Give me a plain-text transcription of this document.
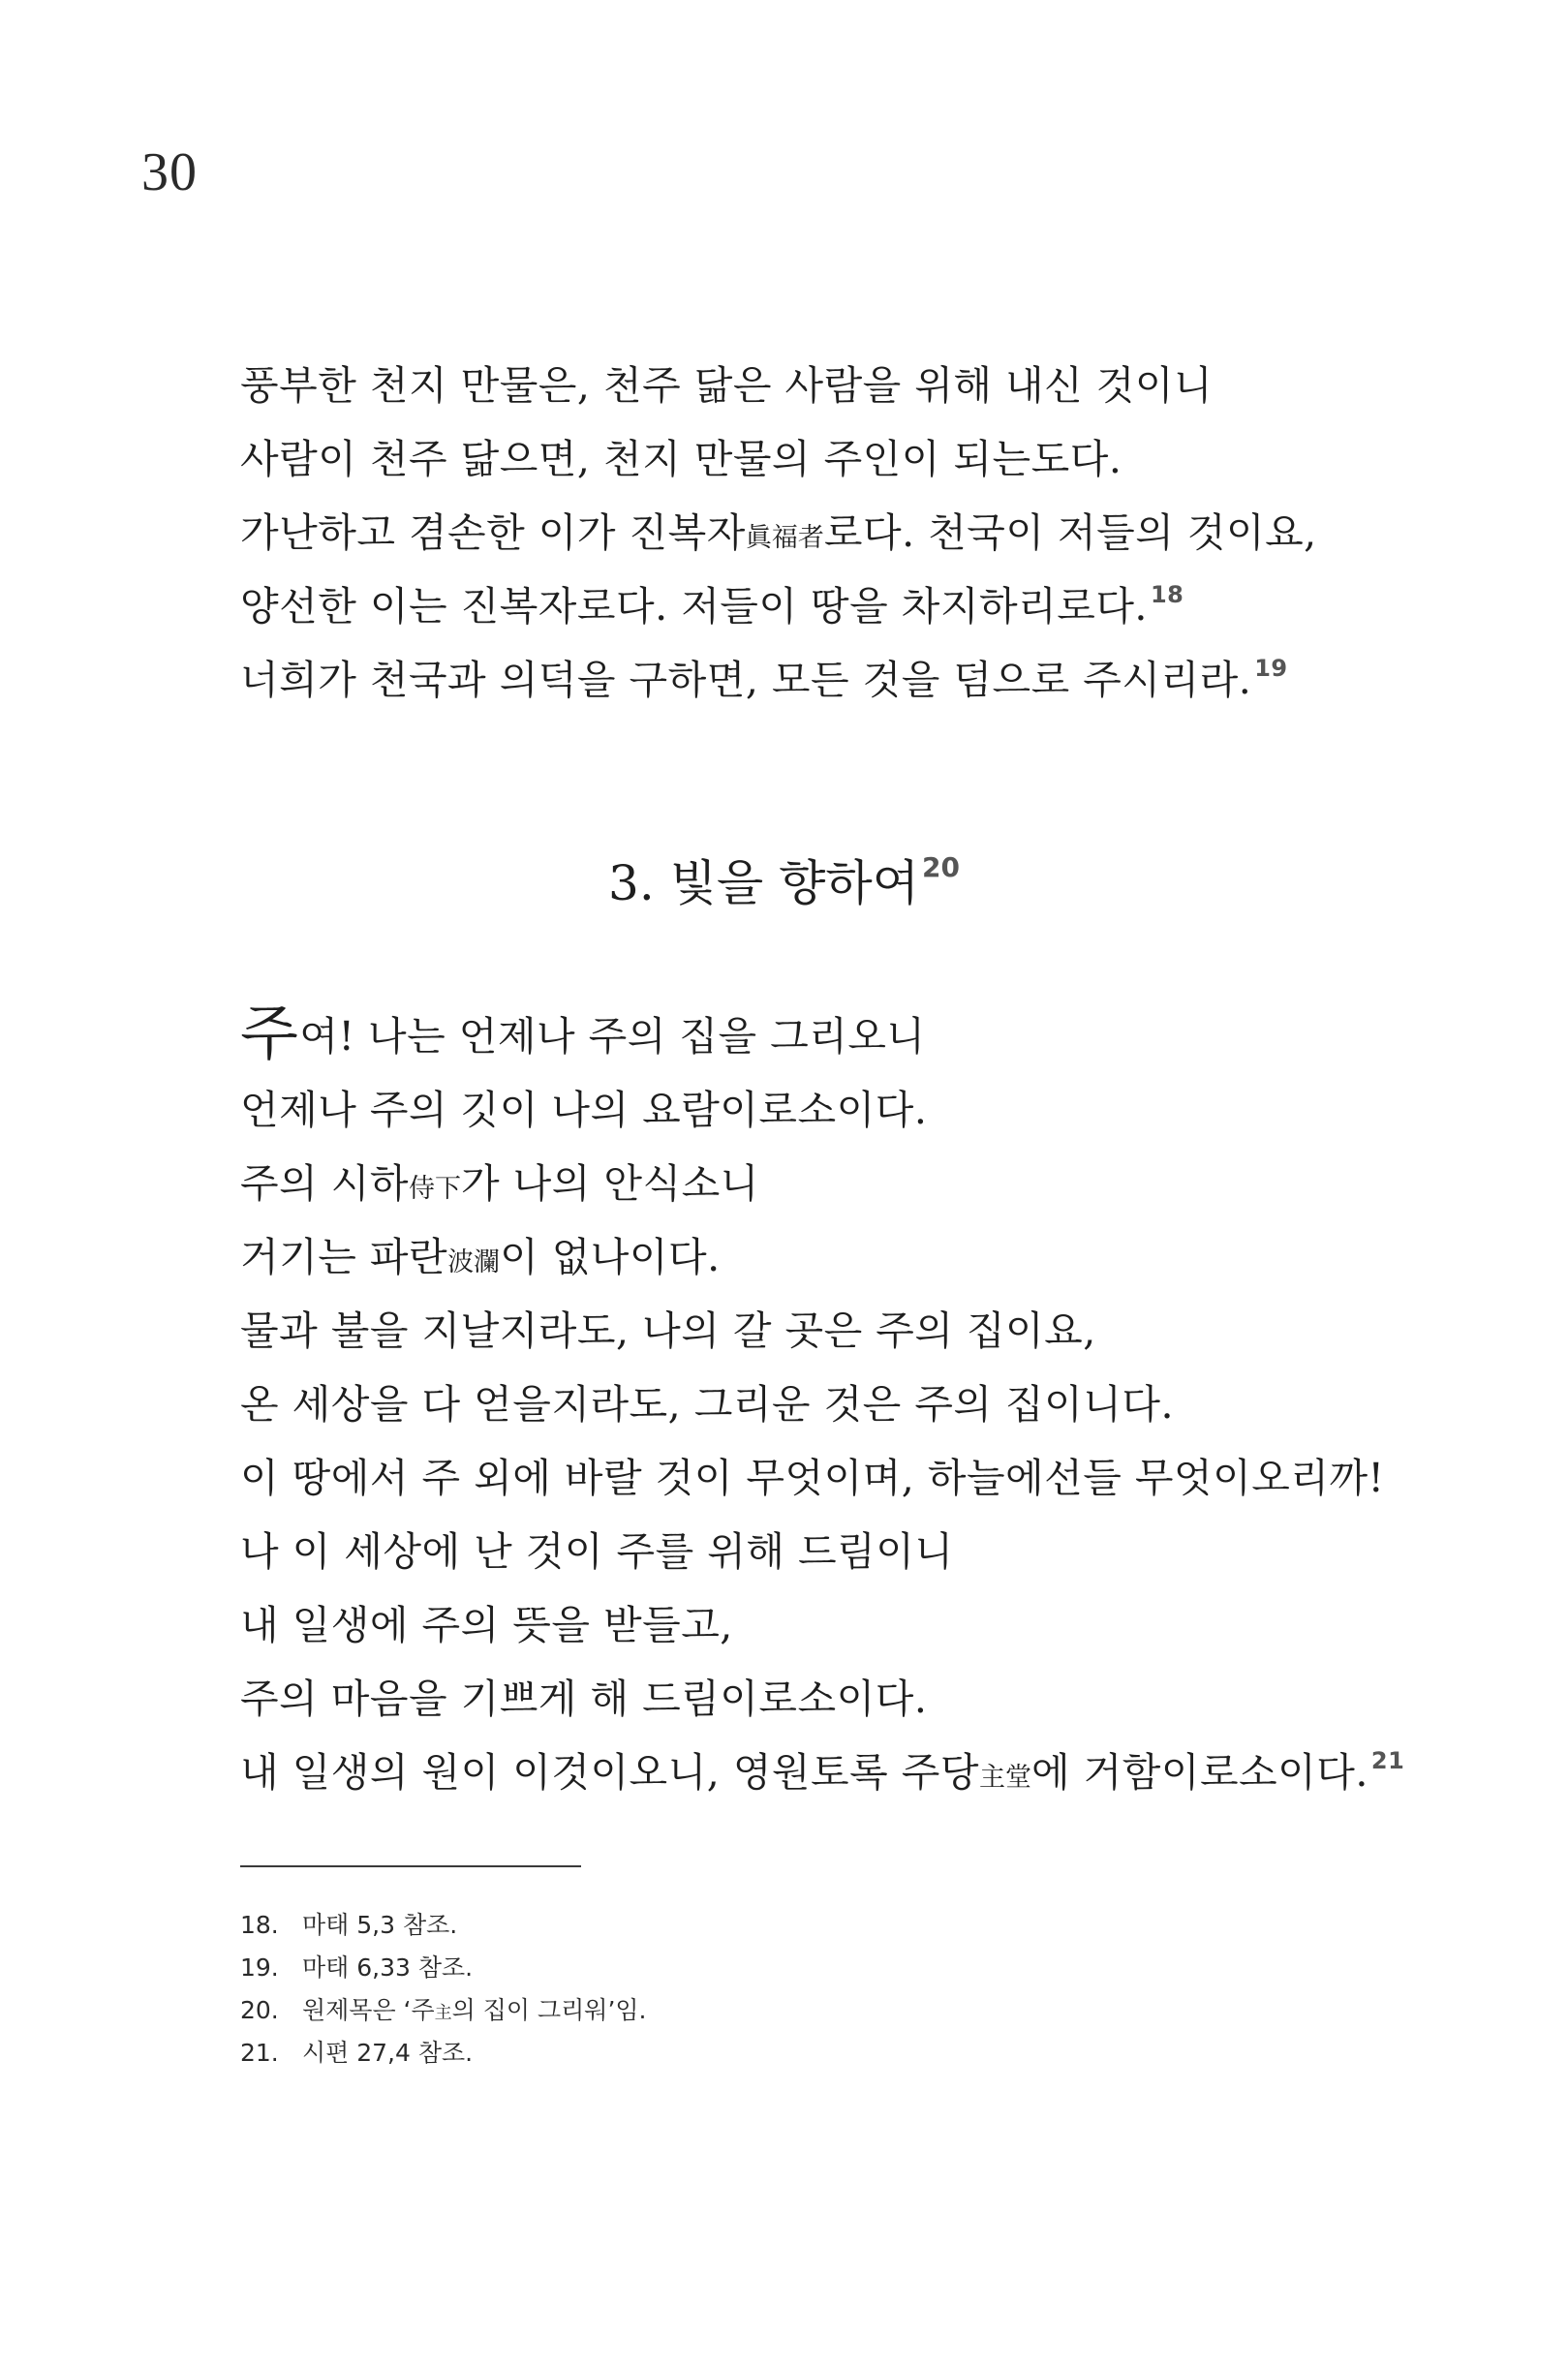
30
풍부한 천지 만물은, 천주 닮은 사람을 위해 내신 것이니
사람이 천주 닮으면, 천지 만물의 주인이 되는도다.
가난하고 겸손한 이가 진복자眞福者로다. 천국이 저들의 것이요,
양선한 이는 진복자로다. 저들이 땅을 차지하리로다. $^{18}$
너희가 천국과 의덕을 구하면, 모든 것을 덤으로 주시리라. $^{19}$
3. 빛을 향하여 $^{20}$
주여! 나는 언제나 주의 집을 그리오니
언제나 주의 깃이 나의 요람이로소이다.
주의 시하侍下가 나의 안식소니
거기는 파란波瀾이 없나이다.
물과 불을 지날지라도, 나의 갈 곳은 주의 집이요,
온 세상을 다 얻을지라도, 그리운 것은 주의 집이니다.
이 땅에서 주 외에 바랄 것이 무엇이며, 하늘에선들 무엇이오리까!
나 이 세상에 난 것이 주를 위해 드림이니
내 일생에 주의 뜻을 받들고,
주의 마음을 기쁘게 해 드림이로소이다.
내 일생의 원이 이것이오니, 영원토록 주당主堂에 거함이로소이다. $^{21}$
18. 마태 5,3 참조.
19. 마태 6,33 참조.
20. 원제목은 ‘주主의 집이 그리워’임.
21. 시편 27,4 참조.
